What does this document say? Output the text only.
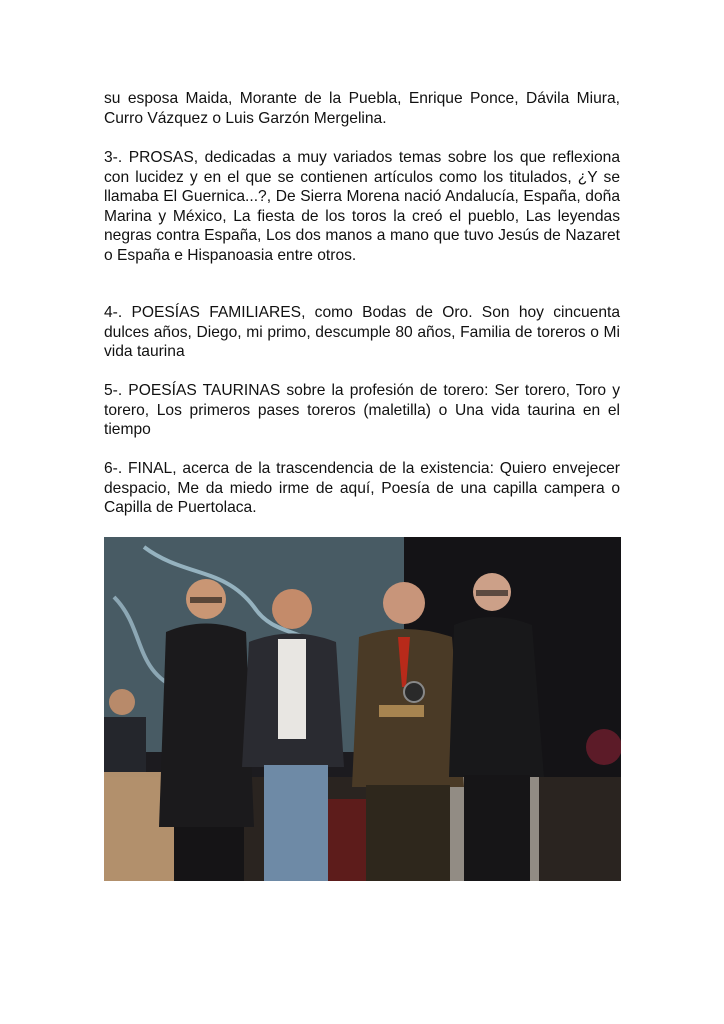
su esposa Maida, Morante de la Puebla, Enrique Ponce, Dávila Miura, Curro Vázquez o Luis Garzón Mergelina.

3-. PROSAS, dedicadas a muy variados temas sobre los que reflexiona con lucidez y en el que se contienen artículos como los titulados, ¿Y se llamaba El Guernica...?, De Sierra Morena nació Andalucía, España, doña Marina y México, La fiesta de los toros la creó el pueblo, Las leyendas negras contra España, Los dos manos a mano que tuvo Jesús de Nazaret o España e Hispanoasia entre otros.

4-. POESÍAS FAMILIARES, como Bodas de Oro. Son hoy cincuenta dulces años, Diego, mi primo, descumple 80 años, Familia de toreros o Mi vida taurina

5-. POESÍAS TAURINAS sobre la profesión de torero: Ser torero, Toro y torero, Los primeros pases toreros (maletilla) o Una vida taurina en el tiempo

6-. FINAL, acerca de la trascendencia de la existencia: Quiero envejecer despacio, Me da miedo irme de aquí, Poesía de una capilla campera o Capilla de Puertolaca.
